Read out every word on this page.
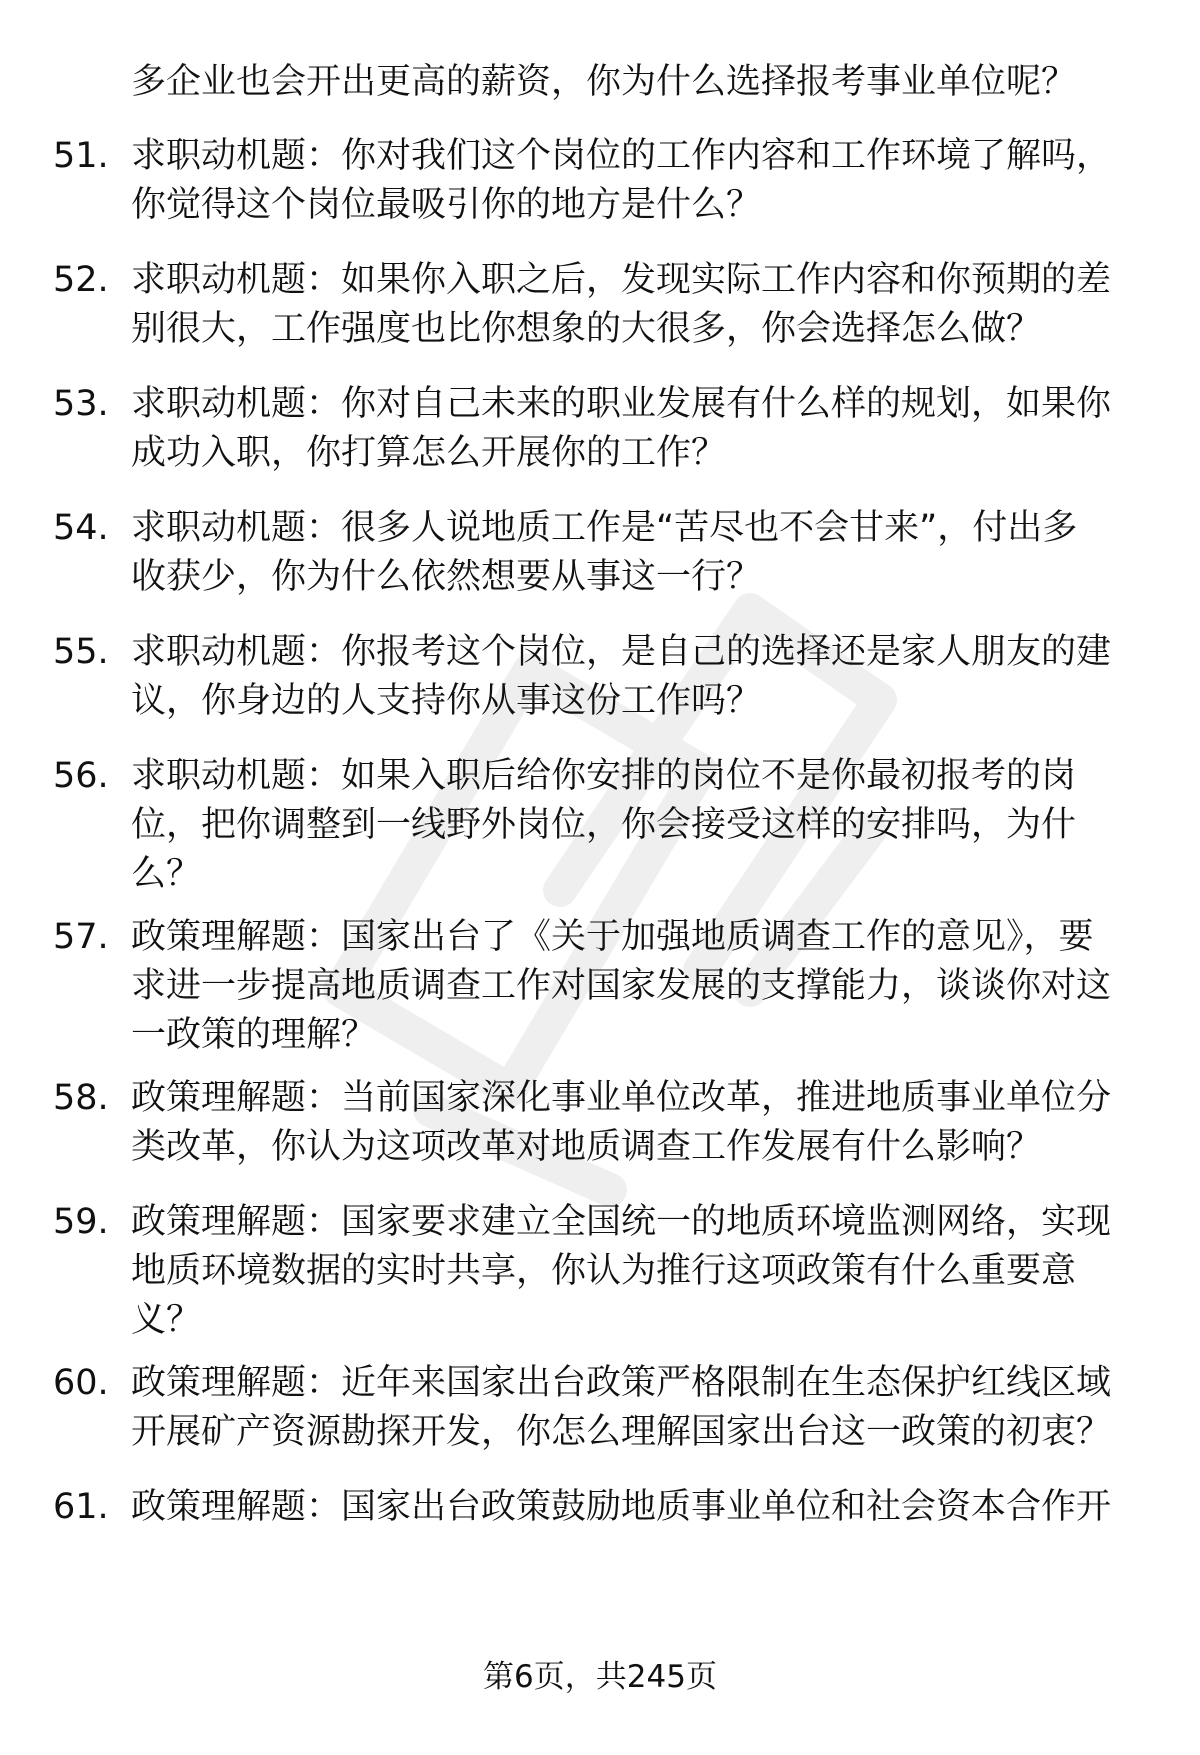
多企业也会开出更高的薪资，你为什么选择报考事业单位呢？
51. 求职动机题：你对我们这个岗位的工作内容和工作环境了解吗，
你觉得这个岗位最吸引你的地方是什么？
52. 求职动机题：如果你入职之后，发现实际工作内容和你预期的差
别很大，工作强度也比你想象的大很多，你会选择怎么做？
53. 求职动机题：你对自己未来的职业发展有什么样的规划，如果你
成功入职，你打算怎么开展你的工作？
54. 求职动机题：很多人说地质工作是“苦尽也不会甘来”，付出多
收获少，你为什么依然想要从事这一行？
55. 求职动机题：你报考这个岗位，是自己的选择还是家人朋友的建
议，你身边的人支持你从事这份工作吗？
56. 求职动机题：如果入职后给你安排的岗位不是你最初报考的岗
位，把你调整到一线野外岗位，你会接受这样的安排吗，为什
么？
57. 政策理解题：国家出台了《关于加强地质调查工作的意见》，要
求进一步提高地质调查工作对国家发展的支撑能力，谈谈你对这
一政策的理解？
58. 政策理解题：当前国家深化事业单位改革，推进地质事业单位分
类改革，你认为这项改革对地质调查工作发展有什么影响？
59. 政策理解题：国家要求建立全国统一的地质环境监测网络，实现
地质环境数据的实时共享，你认为推行这项政策有什么重要意
义？
60. 政策理解题：近年来国家出台政策严格限制在生态保护红线区域
开展矿产资源勘探开发，你怎么理解国家出台这一政策的初衷？
61. 政策理解题：国家出台政策鼓励地质事业单位和社会资本合作开
第6页，共245页
